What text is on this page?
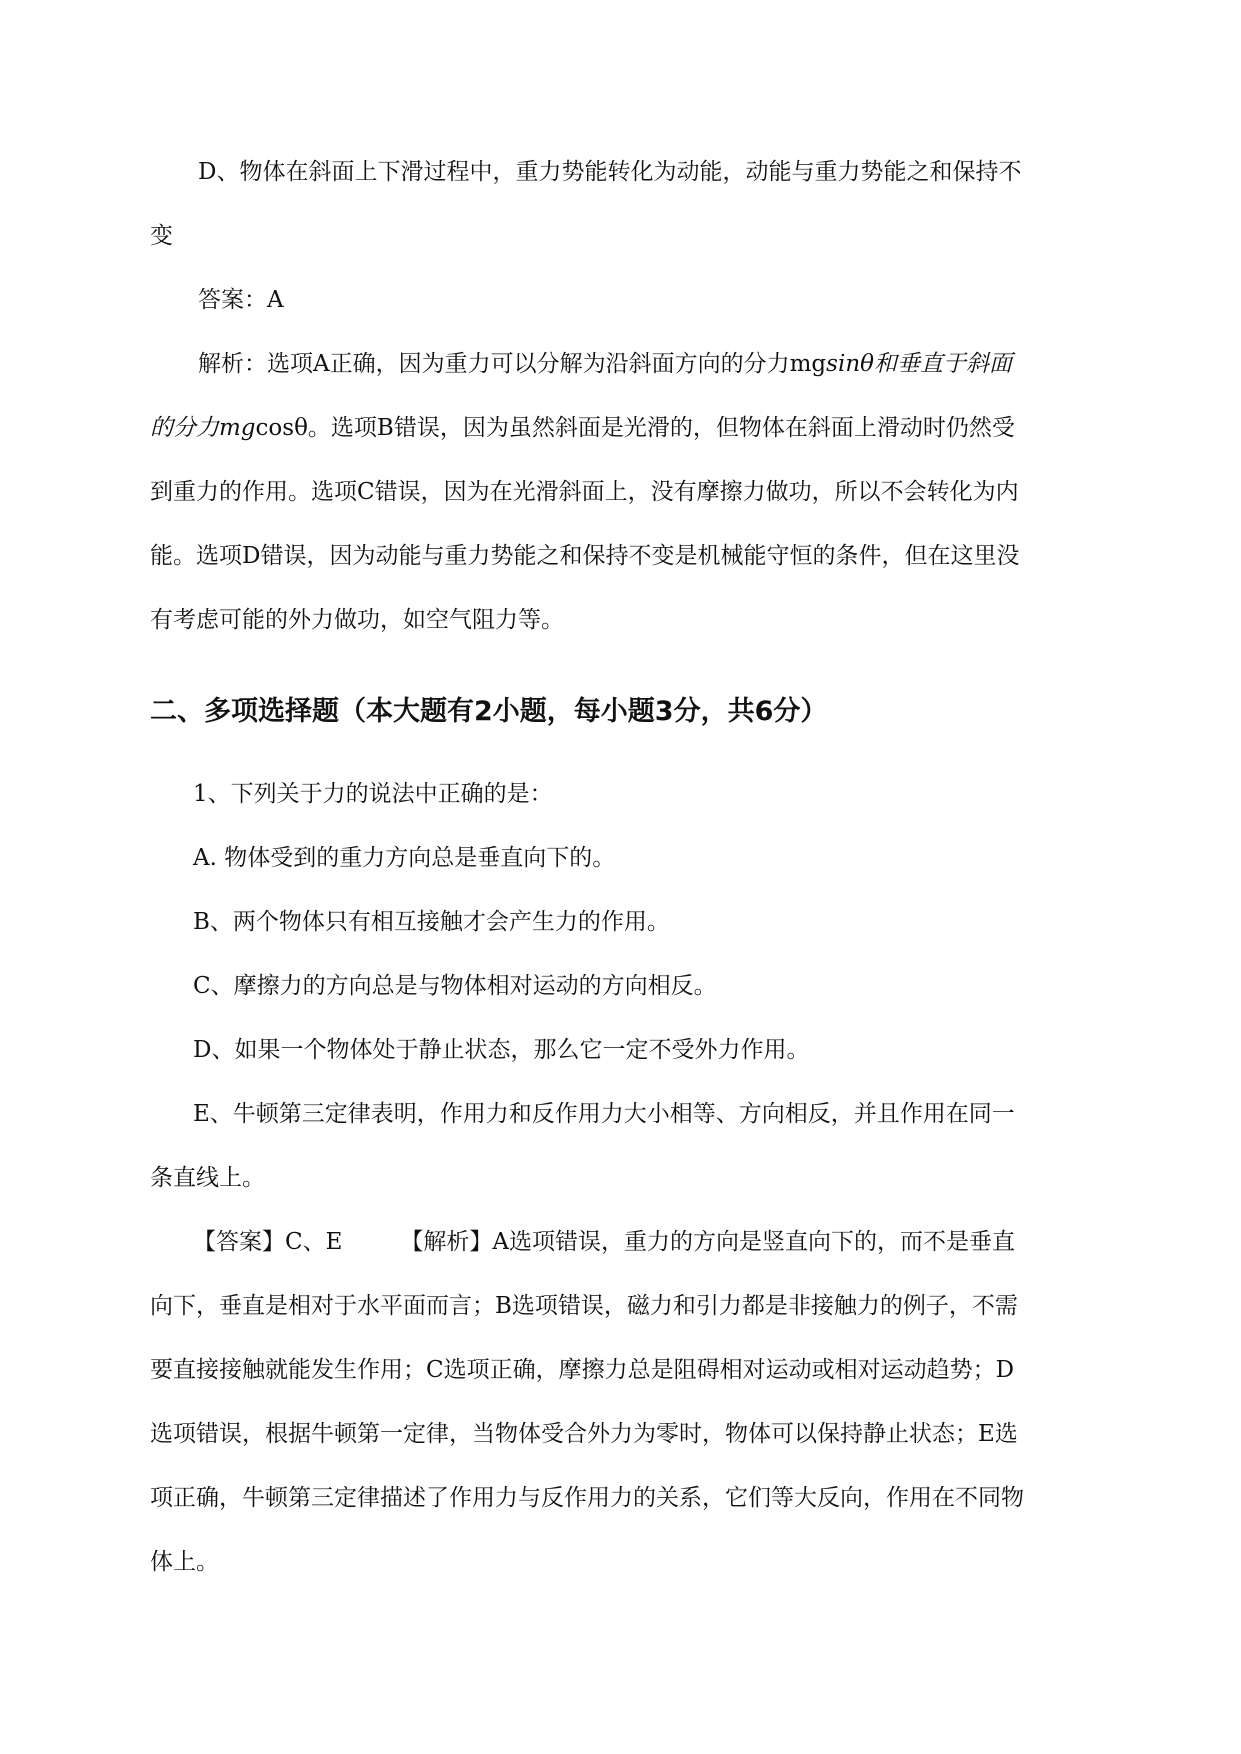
D、物体在斜面上下滑过程中，重力势能转化为动能，动能与重力势能之和保持不

变

答案：A

解析：选项A正确，因为重力可以分解为沿斜面方向的分力mgsinθ和垂直于斜面

的分力mgcosθ。选项B错误，因为虽然斜面是光滑的，但物体在斜面上滑动时仍然受

到重力的作用。选项C错误，因为在光滑斜面上，没有摩擦力做功，所以不会转化为内

能。选项D错误，因为动能与重力势能之和保持不变是机械能守恒的条件，但在这里没

有考虑可能的外力做功，如空气阻力等。

二、多项选择题（本大题有2小题，每小题3分，共6分）

1、下列关于力的说法中正确的是：

A. 物体受到的重力方向总是垂直向下的。

B、两个物体只有相互接触才会产生力的作用。

C、摩擦力的方向总是与物体相对运动的方向相反。

D、如果一个物体处于静止状态，那么它一定不受外力作用。

E、牛顿第三定律表明，作用力和反作用力大小相等、方向相反，并且作用在同一

条直线上。

【答案】C、E	【解析】A选项错误，重力的方向是竖直向下的，而不是垂直

向下，垂直是相对于水平面而言；B选项错误，磁力和引力都是非接触力的例子，不需

要直接接触就能发生作用；C选项正确，摩擦力总是阻碍相对运动或相对运动趋势；D

选项错误，根据牛顿第一定律，当物体受合外力为零时，物体可以保持静止状态；E选

项正确，牛顿第三定律描述了作用力与反作用力的关系，它们等大反向，作用在不同物

体上。
